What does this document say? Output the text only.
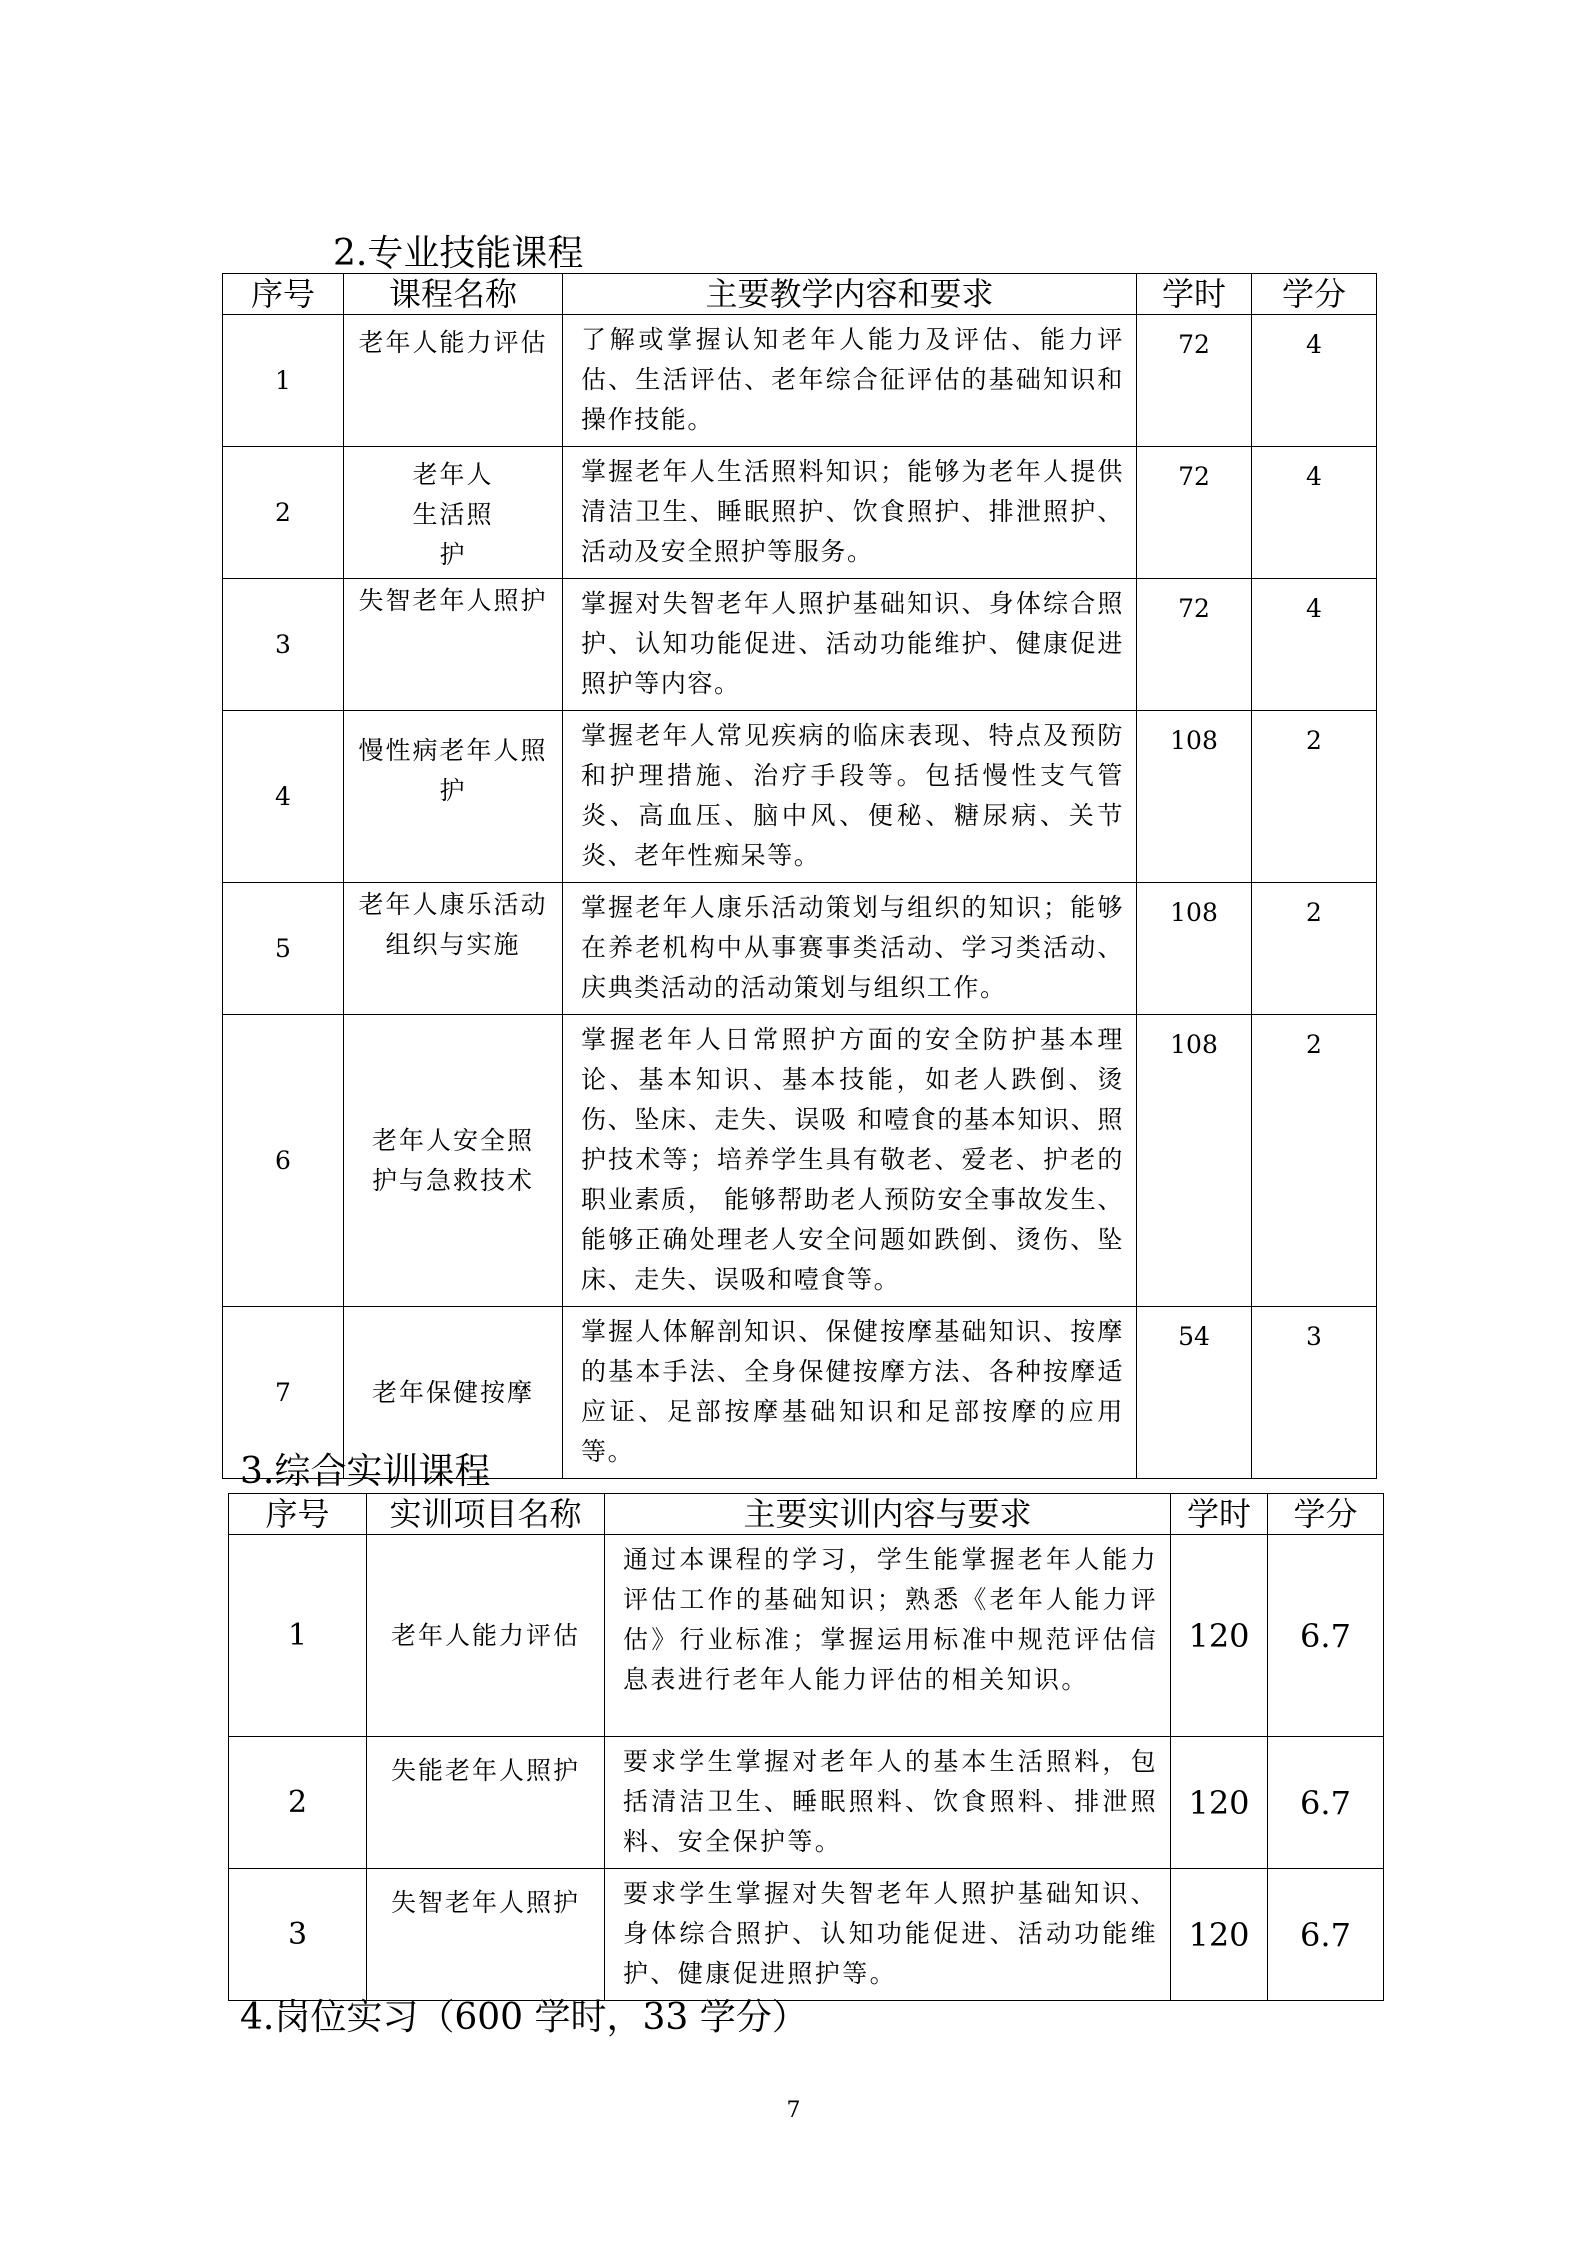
2.专业技能课程
序号	课程名称	主要教学内容和要求	学时	学分
1	老年人能力评估	了解或掌握认知老年人能力及评估、能力评估、生活评估、老年综合征评估的基础知识和操作技能。	72	4
2	老年人生活照护	掌握老年人生活照料知识；能够为老年人提供 清洁卫生、睡眠照护、饮食照护、排泄照护、活动及安全照护等服务。	72	4
3	失智老年人照护	掌握对失智老年人照护基础知识、身体综合照护、认知功能促进、活动功能维护、健康促进照护等内容。	72	4
4	慢性病老年人照护	掌握老年人常见疾病的临床表现、特点及预防和护理措施、治疗手段等。包括慢性支气管炎、高血压、脑中风、便秘、糖尿病、关节炎、老年性痴呆等。	108	2
5	老年人康乐活动组织与实施	掌握老年人康乐活动策划与组织的知识；能够在养老机构中从事赛事类活动、学习类活动、庆典类活动的活动策划与组织工作。	108	2
6	老年人安全照护与急救技术	掌握老年人日常照护方面的安全防护基本理论、基本知识、基本技能，如老人跌倒、烫伤、坠床、走失、误吸 和噎食的基本知识、照护技术等；培养学生具有敬老、爱老、护老的职业素质， 能够帮助老人预防安全事故发生、能够正确处理老人安全问题如跌倒、烫伤、坠床、走失、误吸和噎食等。	108	2
7	老年保健按摩	掌握人体解剖知识、保健按摩基础知识、按摩 的基本手法、全身保健按摩方法、各种按摩适应证、足部按摩基础知识和足部按摩的应用等。	54	3
3.综合实训课程
序号	实训项目名称	主要实训内容与要求	学时	学分
1	老年人能力评估	通过本课程的学习，学生能掌握老年人能力评估工作的基础知识；熟悉《老年人能力评估》行业标准；掌握运用标准中规范评估信息表进行老年人能力评估的相关知识。	120	6.7
2	失能老年人照护	要求学生掌握对老年人的基本生活照料，包括清洁卫生、睡眠照料、饮食照料、排泄照料、安全保护等。	120	6.7
3	失智老年人照护	要求学生掌握对失智老年人照护基础知识、身体综合照护、认知功能促进、活动功能维护、健康促进照护等。	120	6.7
4.岗位实习（600 学时，33 学分）
7
